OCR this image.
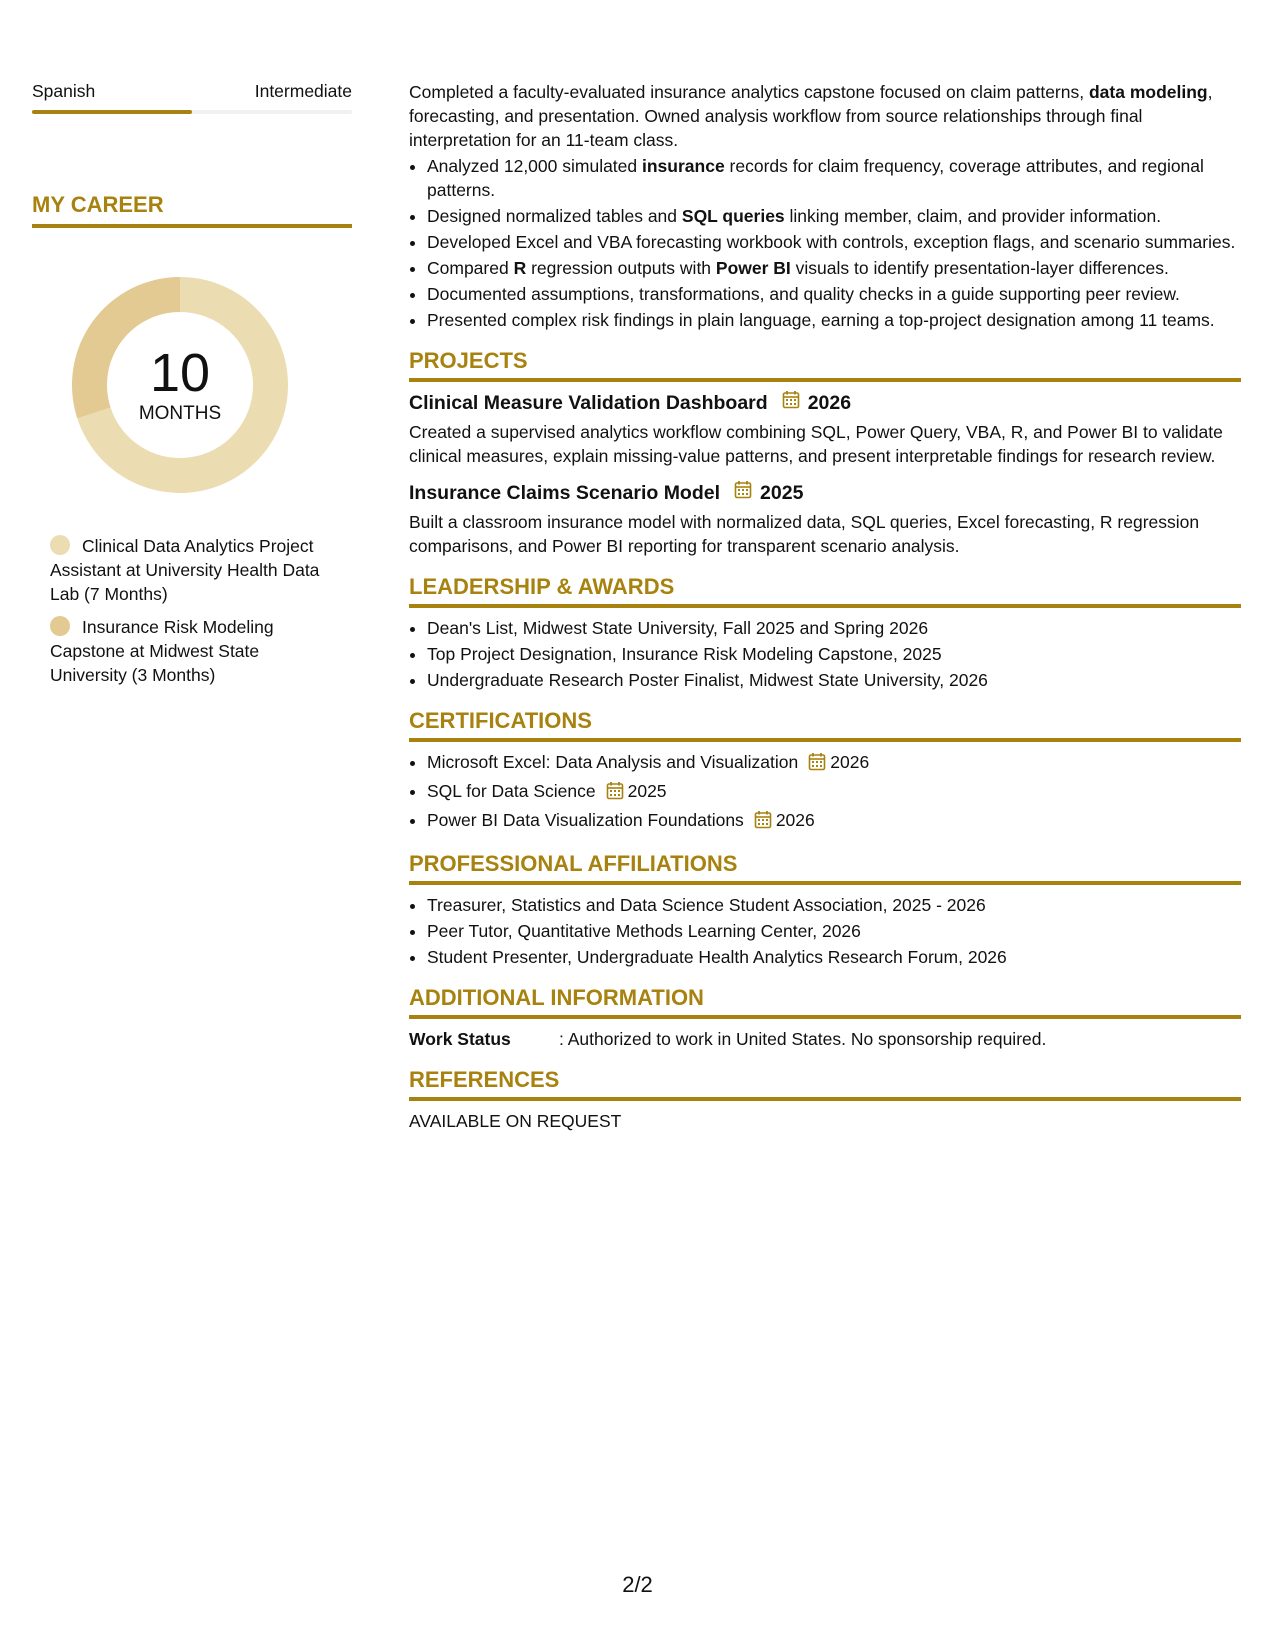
Spanish	Intermediate
MY CAREER
10
MONTHS
Clinical Data Analytics Project Assistant at University Health Data Lab (7 Months)
Insurance Risk Modeling Capstone at Midwest State University (3 Months)

Completed a faculty-evaluated insurance analytics capstone focused on claim patterns, data modeling, forecasting, and presentation. Owned analysis workflow from source relationships through final interpretation for an 11-team class.

• Analyzed 12,000 simulated insurance records for claim frequency, coverage attributes, and regional patterns.
• Designed normalized tables and SQL queries linking member, claim, and provider information.
• Developed Excel and VBA forecasting workbook with controls, exception flags, and scenario summaries.
• Compared R regression outputs with Power BI visuals to identify presentation-layer differences.
• Documented assumptions, transformations, and quality checks in a guide supporting peer review.
• Presented complex risk findings in plain language, earning a top-project designation among 11 teams.
PROJECTS
Clinical Measure Validation Dashboard 2026

Created a supervised analytics workflow combining SQL, Power Query, VBA, R, and Power BI to validate clinical measures, explain missing-value patterns, and present interpretable findings for research review.

Insurance Claims Scenario Model 2025

Built a classroom insurance model with normalized data, SQL queries, Excel forecasting, R regression comparisons, and Power BI reporting for transparent scenario analysis.

LEADERSHIP & AWARDS
• Dean's List, Midwest State University, Fall 2025 and Spring 2026
• Top Project Designation, Insurance Risk Modeling Capstone, 2025
• Undergraduate Research Poster Finalist, Midwest State University, 2026
CERTIFICATIONS
• Microsoft Excel: Data Analysis and Visualization 2026
• SQL for Data Science 2025
• Power BI Data Visualization Foundations 2026
PROFESSIONAL AFFILIATIONS
• Treasurer, Statistics and Data Science Student Association, 2025 - 2026
• Peer Tutor, Quantitative Methods Learning Center, 2026
• Student Presenter, Undergraduate Health Analytics Research Forum, 2026
ADDITIONAL INFORMATION
Work Status	: Authorized to work in United States. No sponsorship required.
REFERENCES
AVAILABLE ON REQUEST
2/2
